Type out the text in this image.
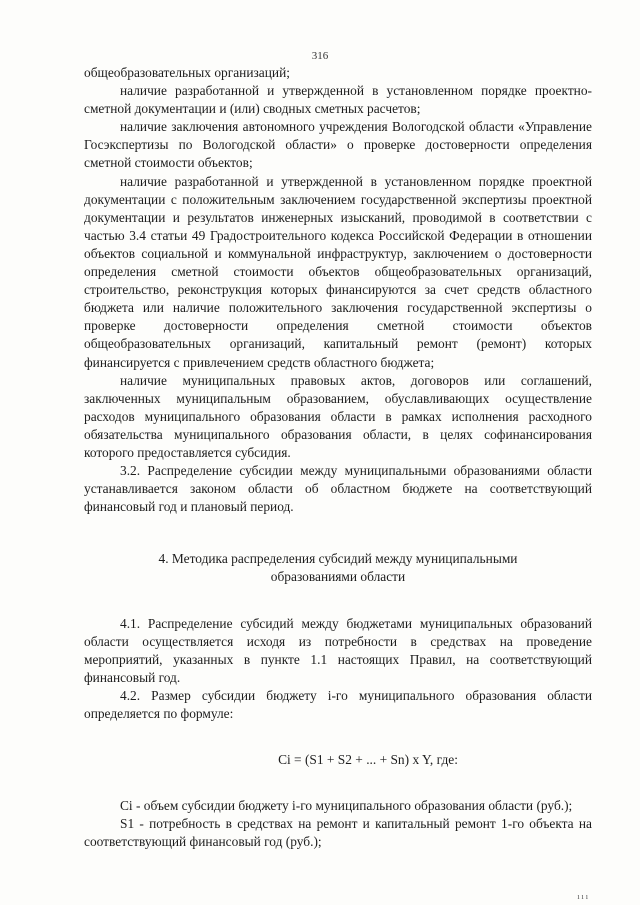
316

общеобразовательных организаций;

наличие разработанной и утвержденной в установленном порядке проектно-сметной документации и (или) сводных сметных расчетов;

наличие заключения автономного учреждения Вологодской области «Управление Госэкспертизы по Вологодской области» о проверке достоверности определения сметной стоимости объектов;

наличие разработанной и утвержденной в установленном порядке проектной документации с положительным заключением государственной экспертизы проектной документации и результатов инженерных изысканий, проводимой в соответствии с частью 3.4 статьи 49 Градостроительного кодекса Российской Федерации в отношении объектов социальной и коммунальной инфраструктур, заключением о достоверности определения сметной стоимости объектов общеобразовательных организаций, строительство, реконструкция которых финансируются за счет средств областного бюджета или наличие положительного заключения государственной экспертизы о проверке достоверности определения сметной стоимости объектов общеобразовательных организаций, капитальный ремонт (ремонт) которых финансируется с привлечением средств областного бюджета;

наличие муниципальных правовых актов, договоров или соглашений, заключенных муниципальным образованием, обуславливающих осуществление расходов муниципального образования области в рамках исполнения расходного обязательства муниципального образования области, в целях софинансирования которого предоставляется субсидия.

3.2. Распределение субсидии между муниципальными образованиями области устанавливается законом области об областном бюджете на соответствующий финансовый год и плановый период.

4. Методика распределения субсидий между муниципальными
образованиями области

4.1. Распределение субсидий между бюджетами муниципальных образований области осуществляется исходя из потребности в средствах на проведение мероприятий, указанных в пункте 1.1 настоящих Правил, на соответствующий финансовый год.

4.2. Размер субсидии бюджету i-го муниципального образования области определяется по формуле:

Ci = (S1 + S2 + ... + Sn) x Y, где:

Ci - объем субсидии бюджету i-го муниципального образования области (руб.);

S1 - потребность в средствах на ремонт и капитальный ремонт 1-го объекта на соответствующий финансовый год (руб.);

ııı
